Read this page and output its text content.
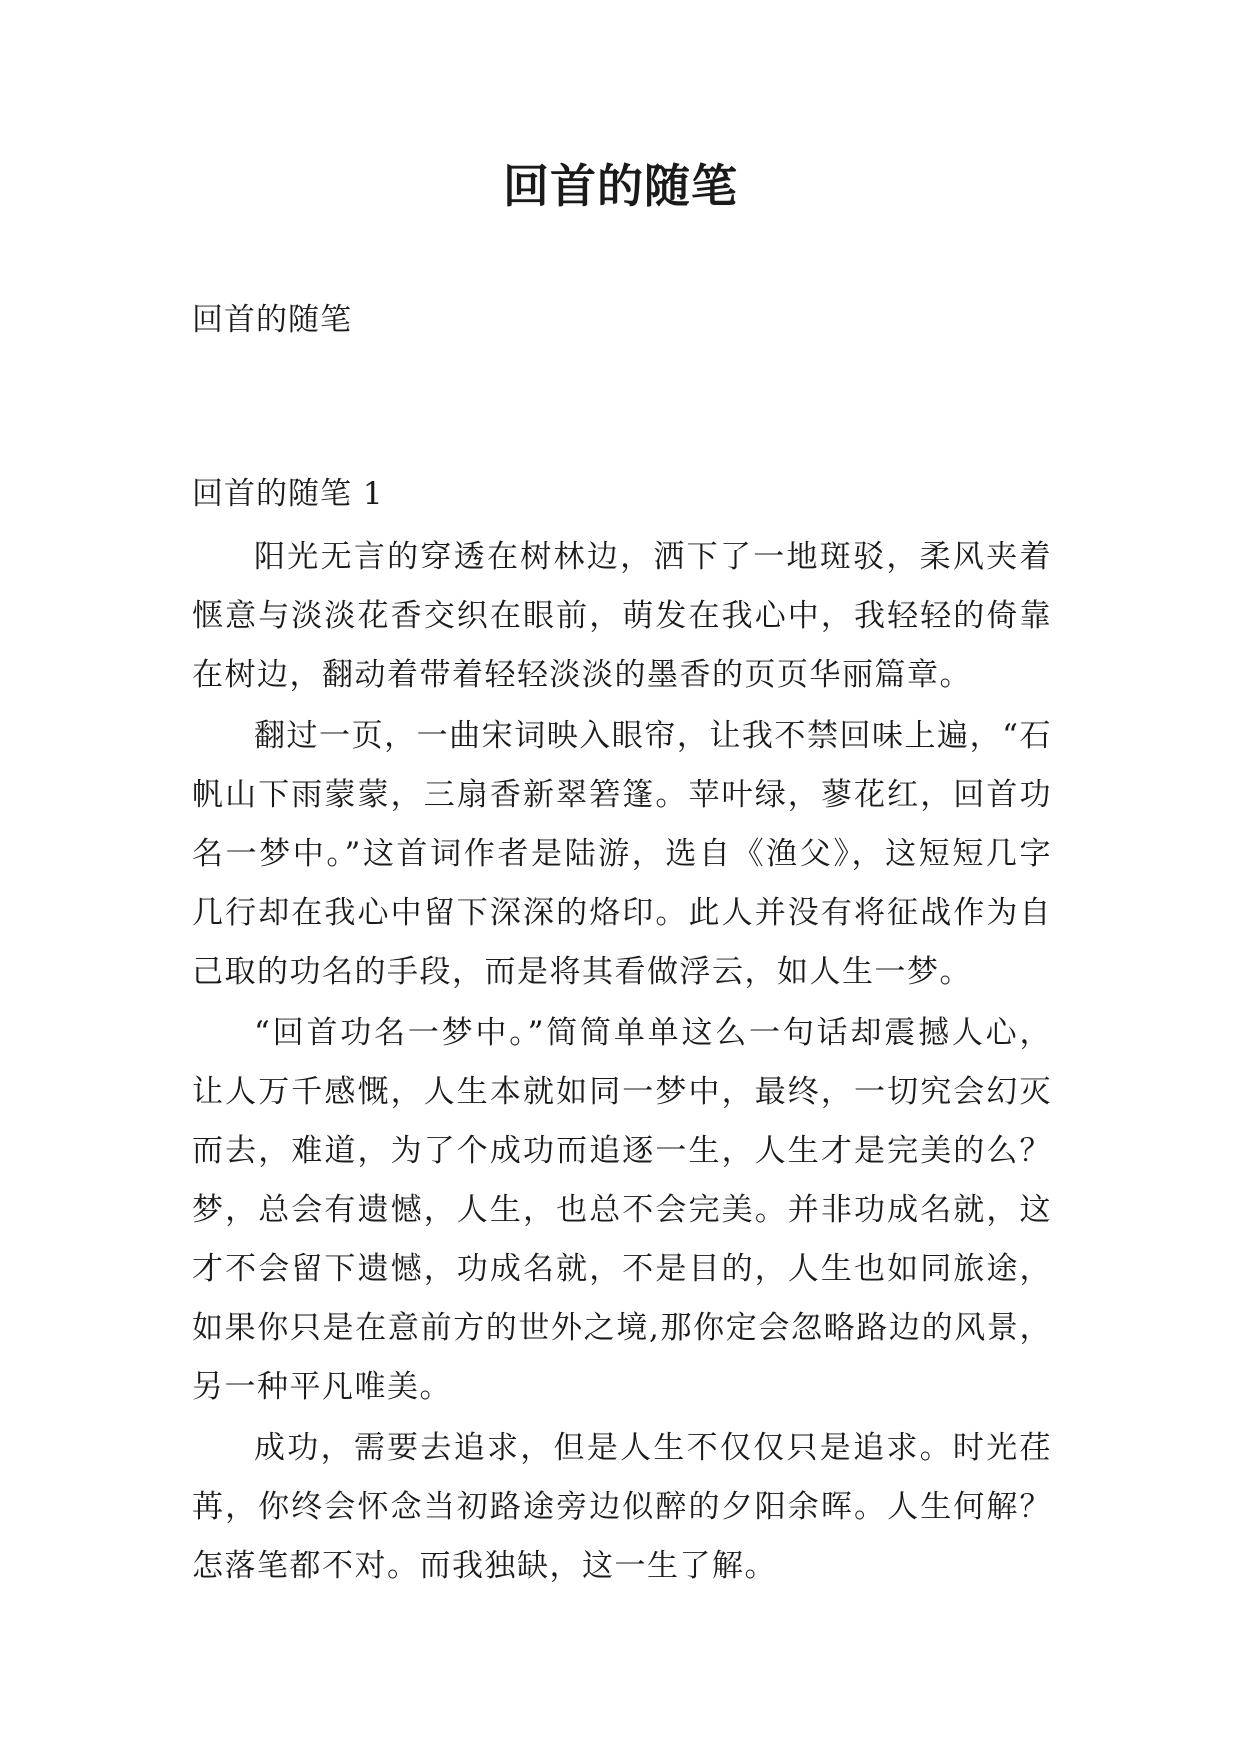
回首的随笔

回首的随笔

回首的随笔 1

阳光无言的穿透在树林边，洒下了一地斑驳，柔风夹着惬意与淡淡花香交织在眼前，萌发在我心中，我轻轻的倚靠在树边，翻动着带着轻轻淡淡的墨香的页页华丽篇章。

翻过一页，一曲宋词映入眼帘，让我不禁回味上遍，“石帆山下雨蒙蒙，三扇香新翠箬篷。苹叶绿，蓼花红，回首功名一梦中。”这首词作者是陆游，选自《渔父》，这短短几字几行却在我心中留下深深的烙印。此人并没有将征战作为自己取的功名的手段，而是将其看做浮云，如人生一梦。

“回首功名一梦中。”简简单单这么一句话却震撼人心，让人万千感慨，人生本就如同一梦中，最终，一切究会幻灭而去，难道，为了个成功而追逐一生，人生才是完美的么？梦，总会有遗憾，人生，也总不会完美。并非功成名就，这才不会留下遗憾，功成名就，不是目的，人生也如同旅途，如果你只是在意前方的世外之境,那你定会忽略路边的风景，另一种平凡唯美。

成功，需要去追求，但是人生不仅仅只是追求。时光荏苒，你终会怀念当初路途旁边似醉的夕阳余晖。人生何解？怎落笔都不对。而我独缺，这一生了解。
